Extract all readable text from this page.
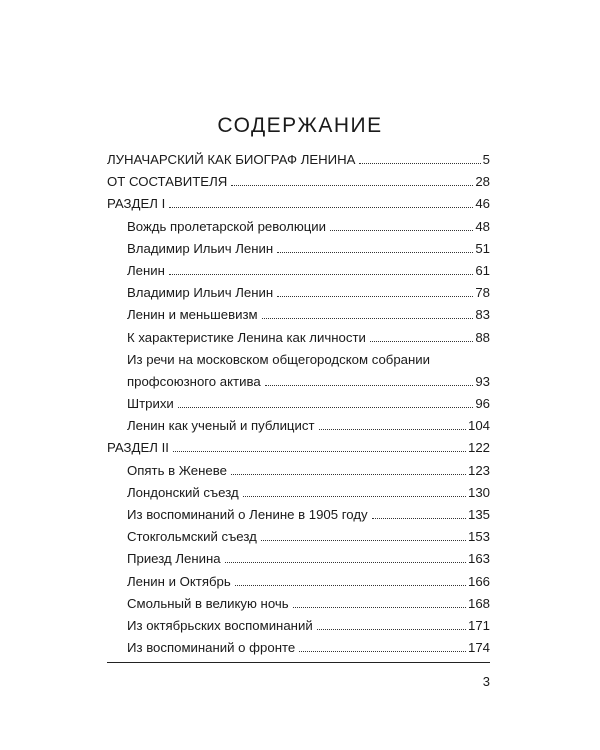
СОДЕРЖАНИЕ
ЛУНАЧАРСКИЙ КАК БИОГРАФ ЛЕНИНА	5
ОТ СОСТАВИТЕЛЯ	28
РАЗДЕЛ I	46
Вождь пролетарской революции	48
Владимир Ильич Ленин	51
Ленин	61
Владимир Ильич Ленин	78
Ленин и меньшевизм	83
К характеристике Ленина как личности	88
Из речи на московском общегородском собрании
профсоюзного актива	93
Штрихи	96
Ленин как ученый и публицист	104
РАЗДЕЛ II	122
Опять в Женеве	123
Лондонский съезд	130
Из воспоминаний о Ленине в 1905 году	135
Стокгольмский съезд	153
Приезд Ленина	163
Ленин и Октябрь	166
Смольный в великую ночь	168
Из октябрьских воспоминаний	171
Из воспоминаний о фронте	174
3
